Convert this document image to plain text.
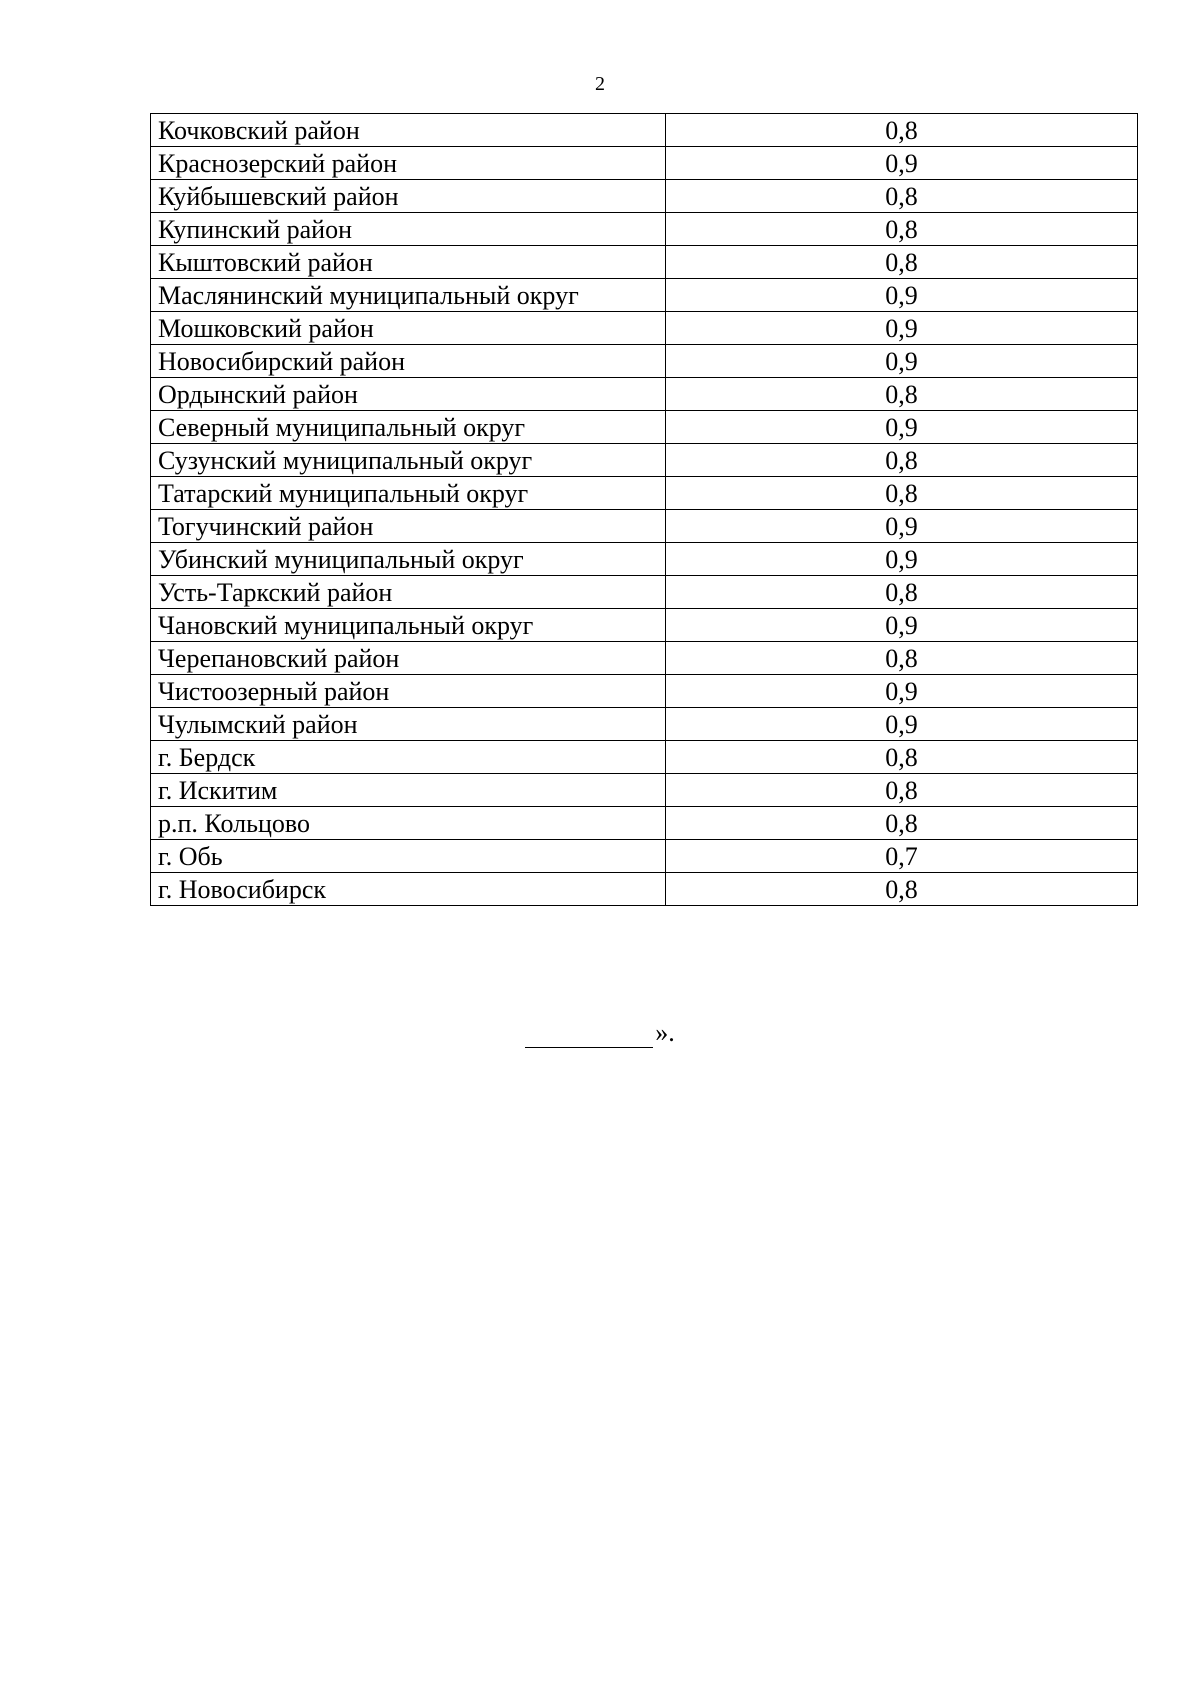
2
Кочковский район	0,8
Краснозерский район	0,9
Куйбышевский район	0,8
Купинский район	0,8
Кыштовский район	0,8
Маслянинский муниципальный округ	0,9
Мошковский район	0,9
Новосибирский район	0,9
Ордынский район	0,8
Северный муниципальный округ	0,9
Сузунский муниципальный округ	0,8
Татарский муниципальный округ	0,8
Тогучинский район	0,9
Убинский муниципальный округ	0,9
Усть-Таркский район	0,8
Чановский муниципальный округ	0,9
Черепановский район	0,8
Чистоозерный район	0,9
Чулымский район	0,9
г. Бердск	0,8
г. Искитим	0,8
р.п. Кольцово	0,8
г. Обь	0,7
г. Новосибирск	0,8
».
